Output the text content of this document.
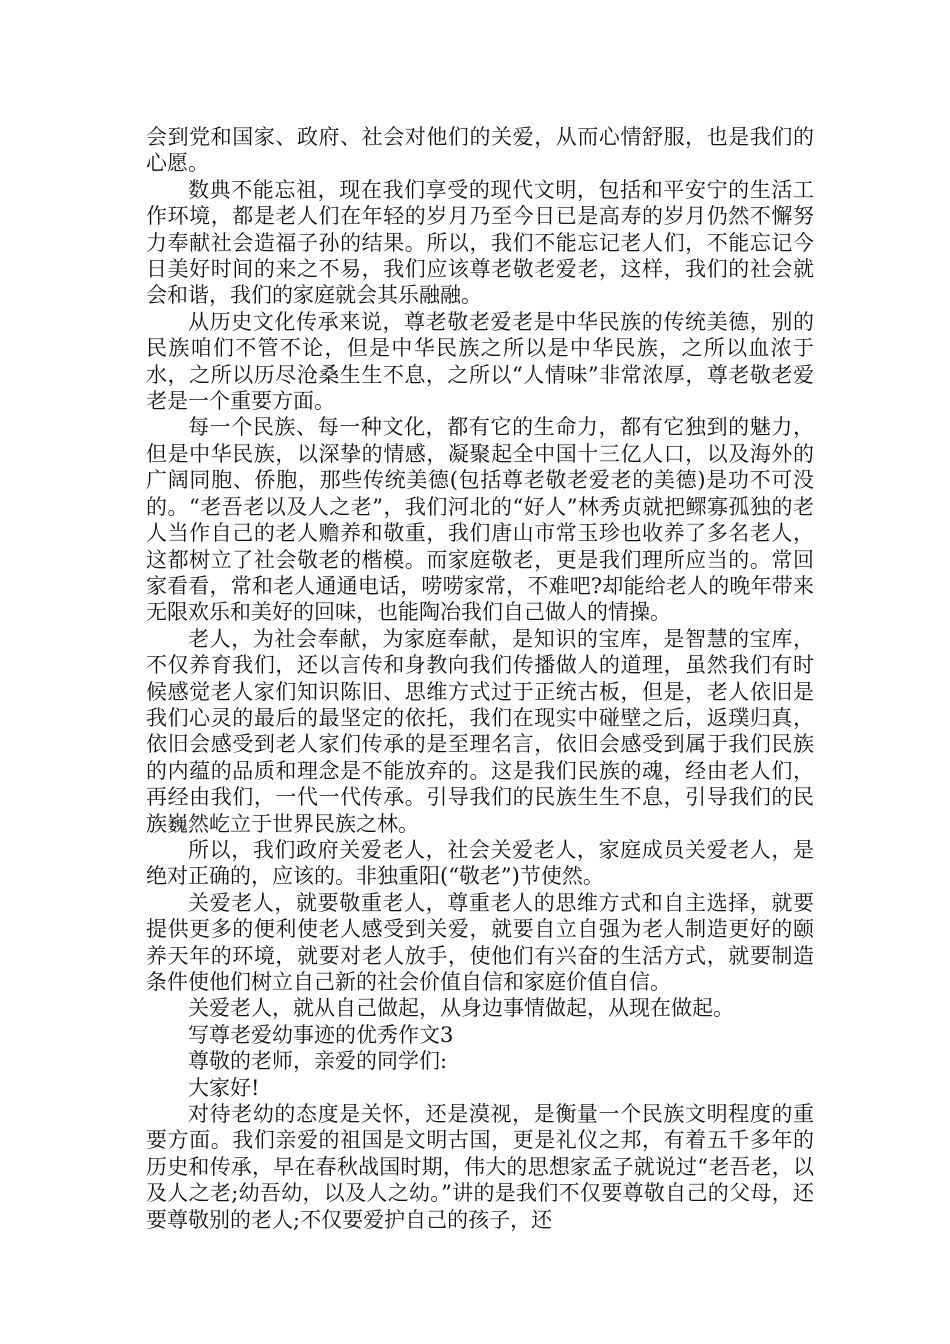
会到党和国家、政府、社会对他们的关爱，从而心情舒服，也是我们的心愿。

数典不能忘祖，现在我们享受的现代文明，包括和平安宁的生活工作环境，都是老人们在年轻的岁月乃至今日已是高寿的岁月仍然不懈努力奉献社会造福子孙的结果。所以，我们不能忘记老人们，不能忘记今日美好时间的来之不易，我们应该尊老敬老爱老，这样，我们的社会就会和谐，我们的家庭就会其乐融融。

从历史文化传承来说，尊老敬老爱老是中华民族的传统美德，别的民族咱们不管不论，但是中华民族之所以是中华民族，之所以血浓于水，之所以历尽沧桑生生不息，之所以“人情味”非常浓厚，尊老敬老爱老是一个重要方面。

每一个民族、每一种文化，都有它的生命力，都有它独到的魅力，但是中华民族，以深挚的情感，凝聚起全中国十三亿人口，以及海外的广阔同胞、侨胞，那些传统美德(包括尊老敬老爱老的美德)是功不可没的。“老吾老以及人之老”，我们河北的“好人”林秀贞就把鳏寡孤独的老人当作自己的老人赡养和敬重，我们唐山市常玉珍也收养了多名老人，这都树立了社会敬老的楷模。而家庭敬老，更是我们理所应当的。常回家看看，常和老人通通电话，唠唠家常，不难吧?却能给老人的晚年带来无限欢乐和美好的回味，也能陶冶我们自己做人的情操。

老人，为社会奉献，为家庭奉献，是知识的宝库，是智慧的宝库，不仅养育我们，还以言传和身教向我们传播做人的道理，虽然我们有时候感觉老人家们知识陈旧、思维方式过于正统古板，但是，老人依旧是我们心灵的最后的最坚定的依托，我们在现实中碰壁之后，返璞归真，依旧会感受到老人家们传承的是至理名言，依旧会感受到属于我们民族的内蕴的品质和理念是不能放弃的。这是我们民族的魂，经由老人们，再经由我们，一代一代传承。引导我们的民族生生不息，引导我们的民族巍然屹立于世界民族之林。

所以，我们政府关爱老人，社会关爱老人，家庭成员关爱老人，是绝对正确的，应该的。非独重阳(“敬老”)节使然。

关爱老人，就要敬重老人，尊重老人的思维方式和自主选择，就要提供更多的便利使老人感受到关爱，就要自立自强为老人制造更好的颐养天年的环境，就要对老人放手，使他们有兴奋的生活方式，就要制造条件使他们树立自己新的社会价值自信和家庭价值自信。

关爱老人，就从自己做起，从身边事情做起，从现在做起。

写尊老爱幼事迹的优秀作文3

尊敬的老师，亲爱的同学们:

大家好!

对待老幼的态度是关怀，还是漠视，是衡量一个民族文明程度的重要方面。我们亲爱的祖国是文明古国，更是礼仪之邦，有着五千多年的历史和传承，早在春秋战国时期，伟大的思想家孟子就说过“老吾老，以及人之老;幼吾幼，以及人之幼。”讲的是我们不仅要尊敬自己的父母，还要尊敬别的老人;不仅要爱护自己的孩子，还
